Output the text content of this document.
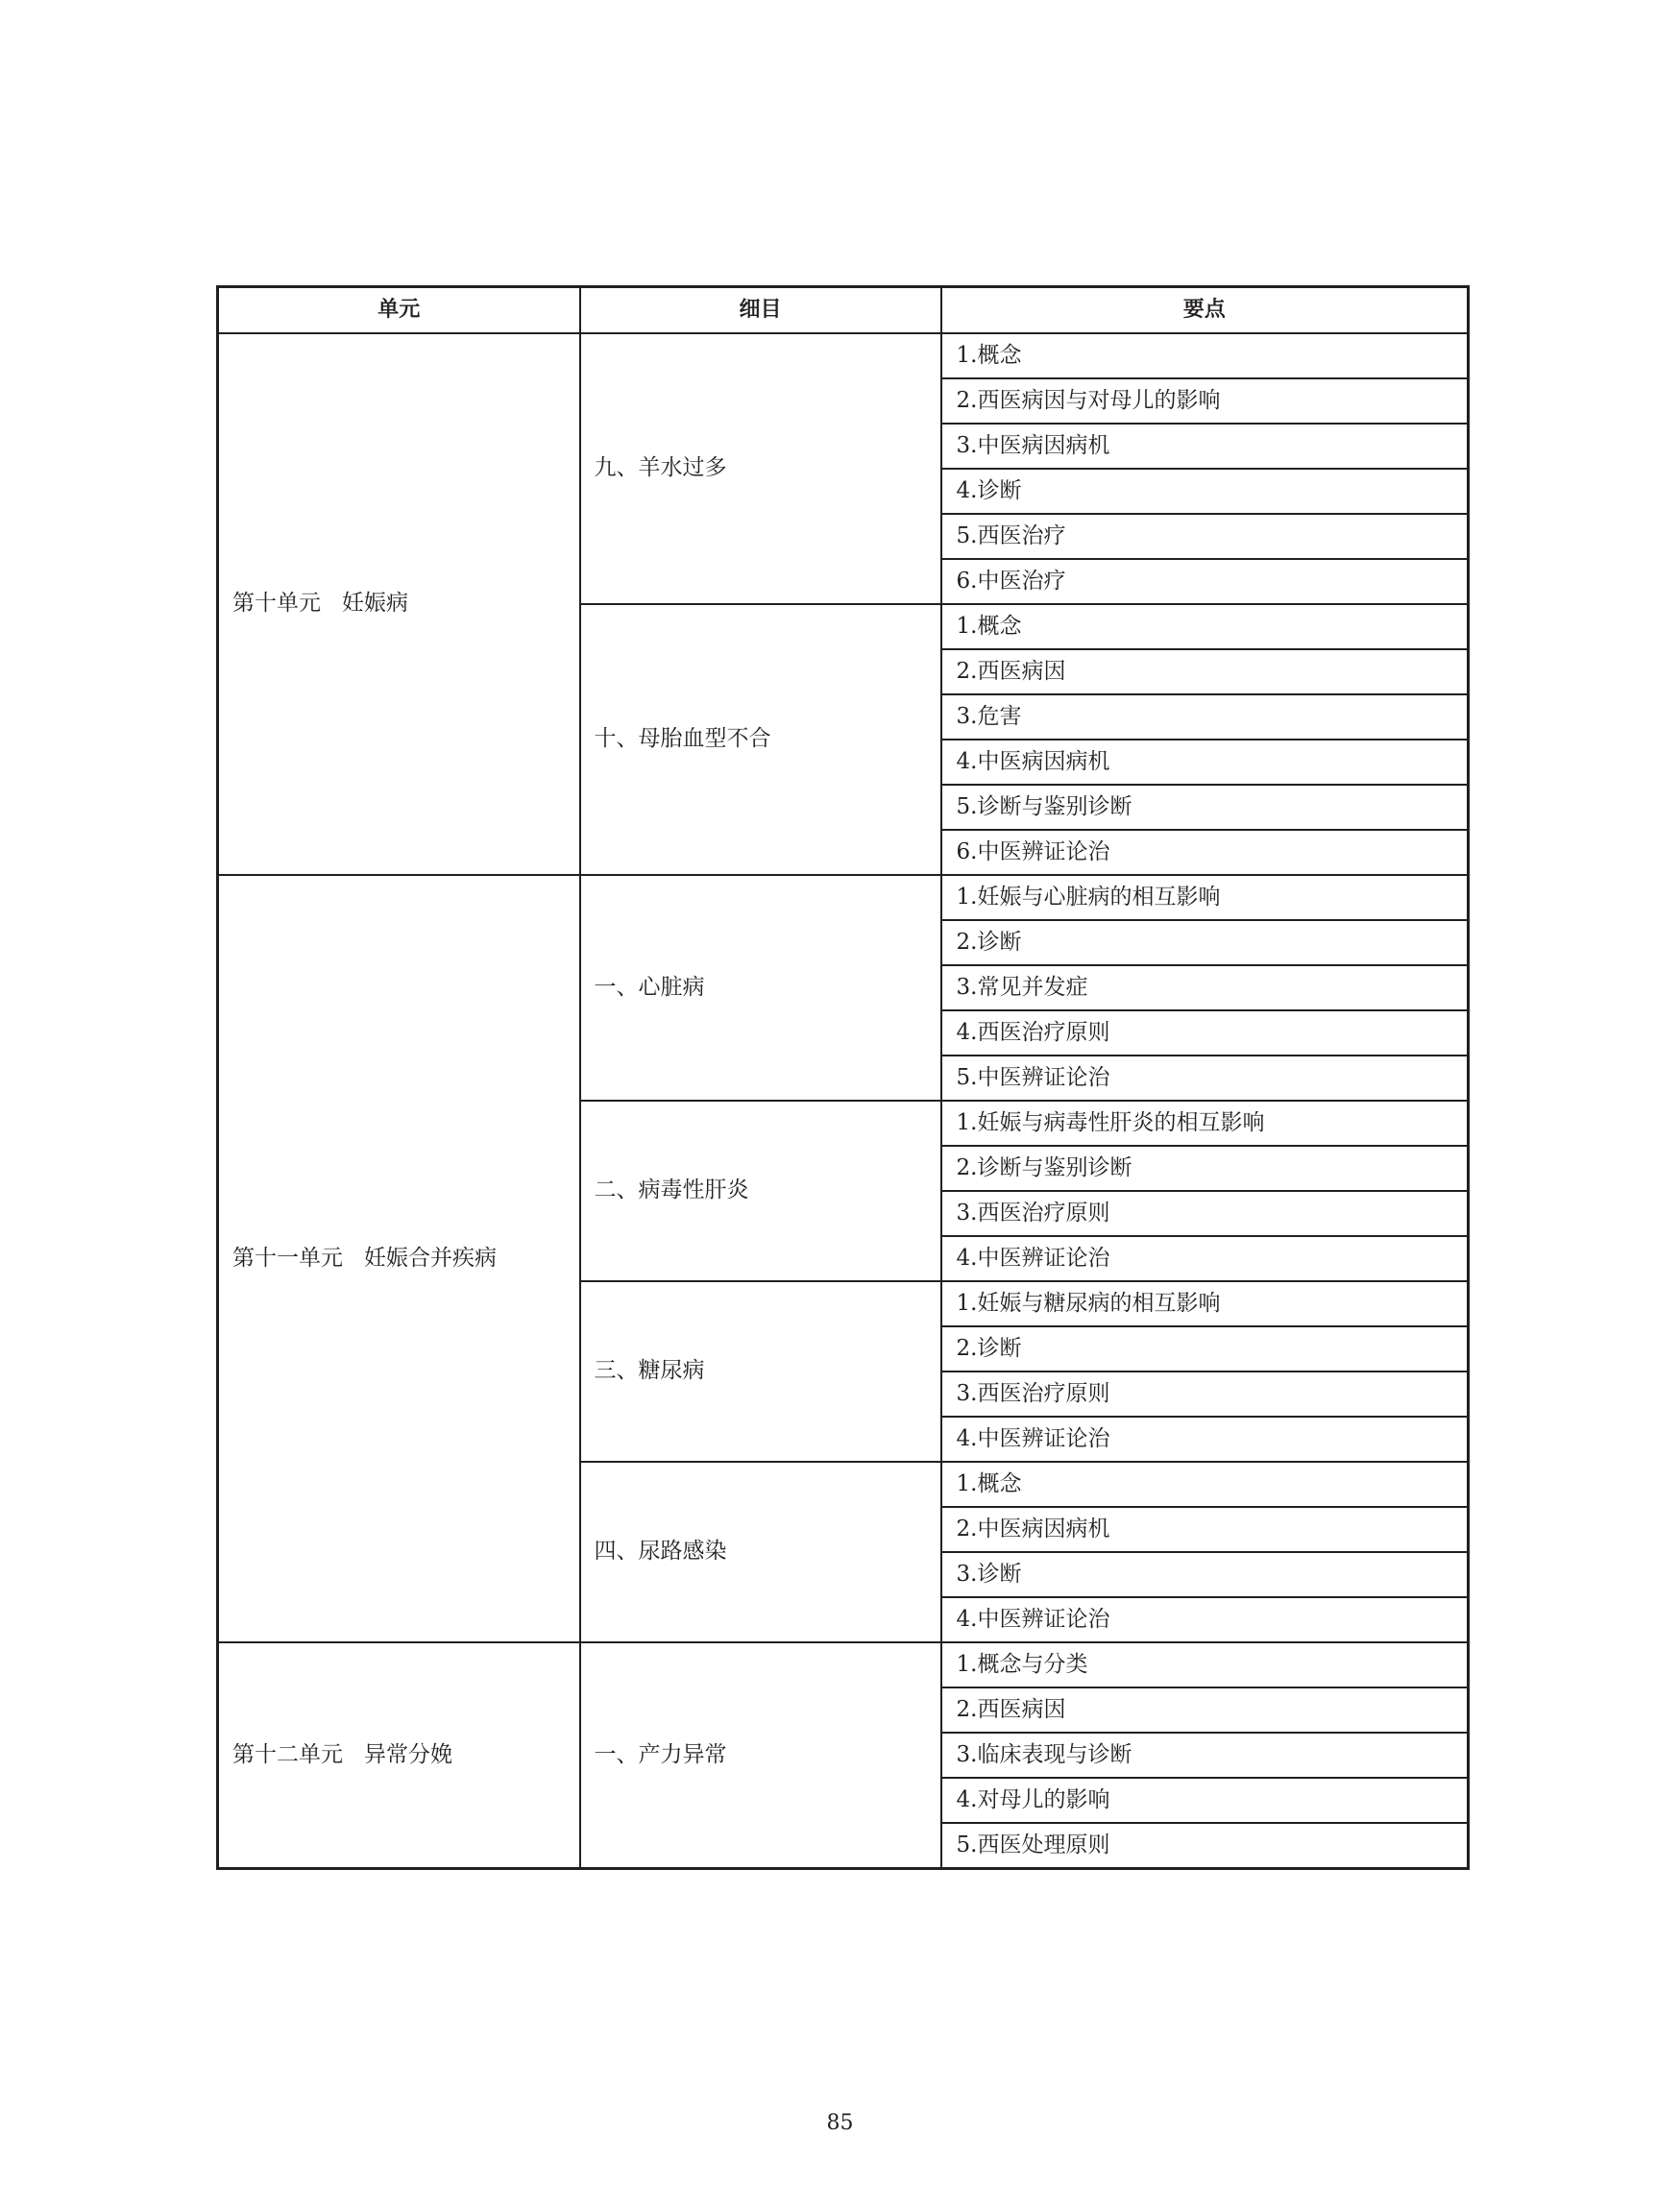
单元	细目	要点
第十单元 妊娠病	九、羊水过多	1.概念
		2.西医病因与对母儿的影响
		3.中医病因病机
		4.诊断
		5.西医治疗
		6.中医治疗
	十、母胎血型不合	1.概念
		2.西医病因
		3.危害
		4.中医病因病机
		5.诊断与鉴别诊断
		6.中医辨证论治
第十一单元 妊娠合并疾病	一、心脏病	1.妊娠与心脏病的相互影响
		2.诊断
		3.常见并发症
		4.西医治疗原则
		5.中医辨证论治
	二、病毒性肝炎	1.妊娠与病毒性肝炎的相互影响
		2.诊断与鉴别诊断
		3.西医治疗原则
		4.中医辨证论治
	三、糖尿病	1.妊娠与糖尿病的相互影响
		2.诊断
		3.西医治疗原则
		4.中医辨证论治
	四、尿路感染	1.概念
		2.中医病因病机
		3.诊断
		4.中医辨证论治
第十二单元 异常分娩	一、产力异常	1.概念与分类
		2.西医病因
		3.临床表现与诊断
		4.对母儿的影响
		5.西医处理原则
85
